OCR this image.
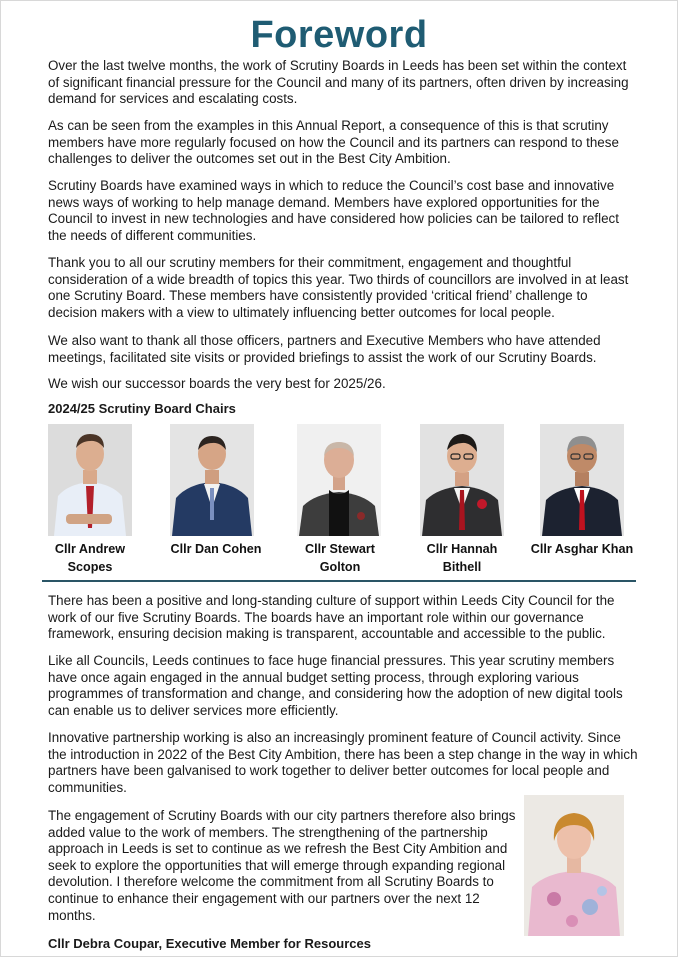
Foreword

Over the last twelve months, the work of Scrutiny Boards in Leeds has been set within the context of significant financial pressure for the Council and many of its partners, often driven by increasing demand for services and escalating costs.

As can be seen from the examples in this Annual Report, a consequence of this is that scrutiny members have more regularly focused on how the Council and its partners can respond to these challenges to deliver the outcomes set out in the Best City Ambition.

Scrutiny Boards have examined ways in which to reduce the Council’s cost base and innovative news ways of working to help manage demand. Members have explored opportunities for the Council to invest in new technologies and have considered how policies can be tailored to reflect the needs of different communities.

Thank you to all our scrutiny members for their commitment, engagement and thoughtful consideration of a wide breadth of topics this year. Two thirds of councillors are involved in at least one Scrutiny Board. These members have consistently provided ‘critical friend’ challenge to decision makers with a view to ultimately influencing better outcomes for local people.

We also want to thank all those officers, partners and Executive Members who have attended meetings, facilitated site visits or provided briefings to assist the work of our Scrutiny Boards.

We wish our successor boards the very best for 2025/26.

2024/25 Scrutiny Board Chairs

Cllr Andrew
Scopes
Cllr Dan Cohen	Cllr Stewart
Golton
Cllr Hannah
Bithell
Cllr Asghar Khan

There has been a positive and long-standing culture of support within Leeds City Council for the work of our five Scrutiny Boards. The boards have an important role within our governance framework, ensuring decision making is transparent, accountable and accessible to the public.

Like all Councils, Leeds continues to face huge financial pressures. This year scrutiny members have once again engaged in the annual budget setting process, through exploring various programmes of transformation and change, and considering how the adoption of new digital tools can enable us to deliver services more efficiently.

Innovative partnership working is also an increasingly prominent feature of Council activity. Since the introduction in 2022 of the Best City Ambition, there has been a step change in the way in which partners have been galvanised to work together to deliver better outcomes for local people and communities.

The engagement of Scrutiny Boards with our city partners therefore also brings added value to the work of members. The strengthening of the partnership approach in Leeds is set to continue as we refresh the Best City Ambition and seek to explore the opportunities that will emerge through expanding regional devolution. I therefore welcome the commitment from all Scrutiny Boards to continue to enhance their engagement with our partners over the next 12 months.

Cllr Debra Coupar, Executive Member for Resources
